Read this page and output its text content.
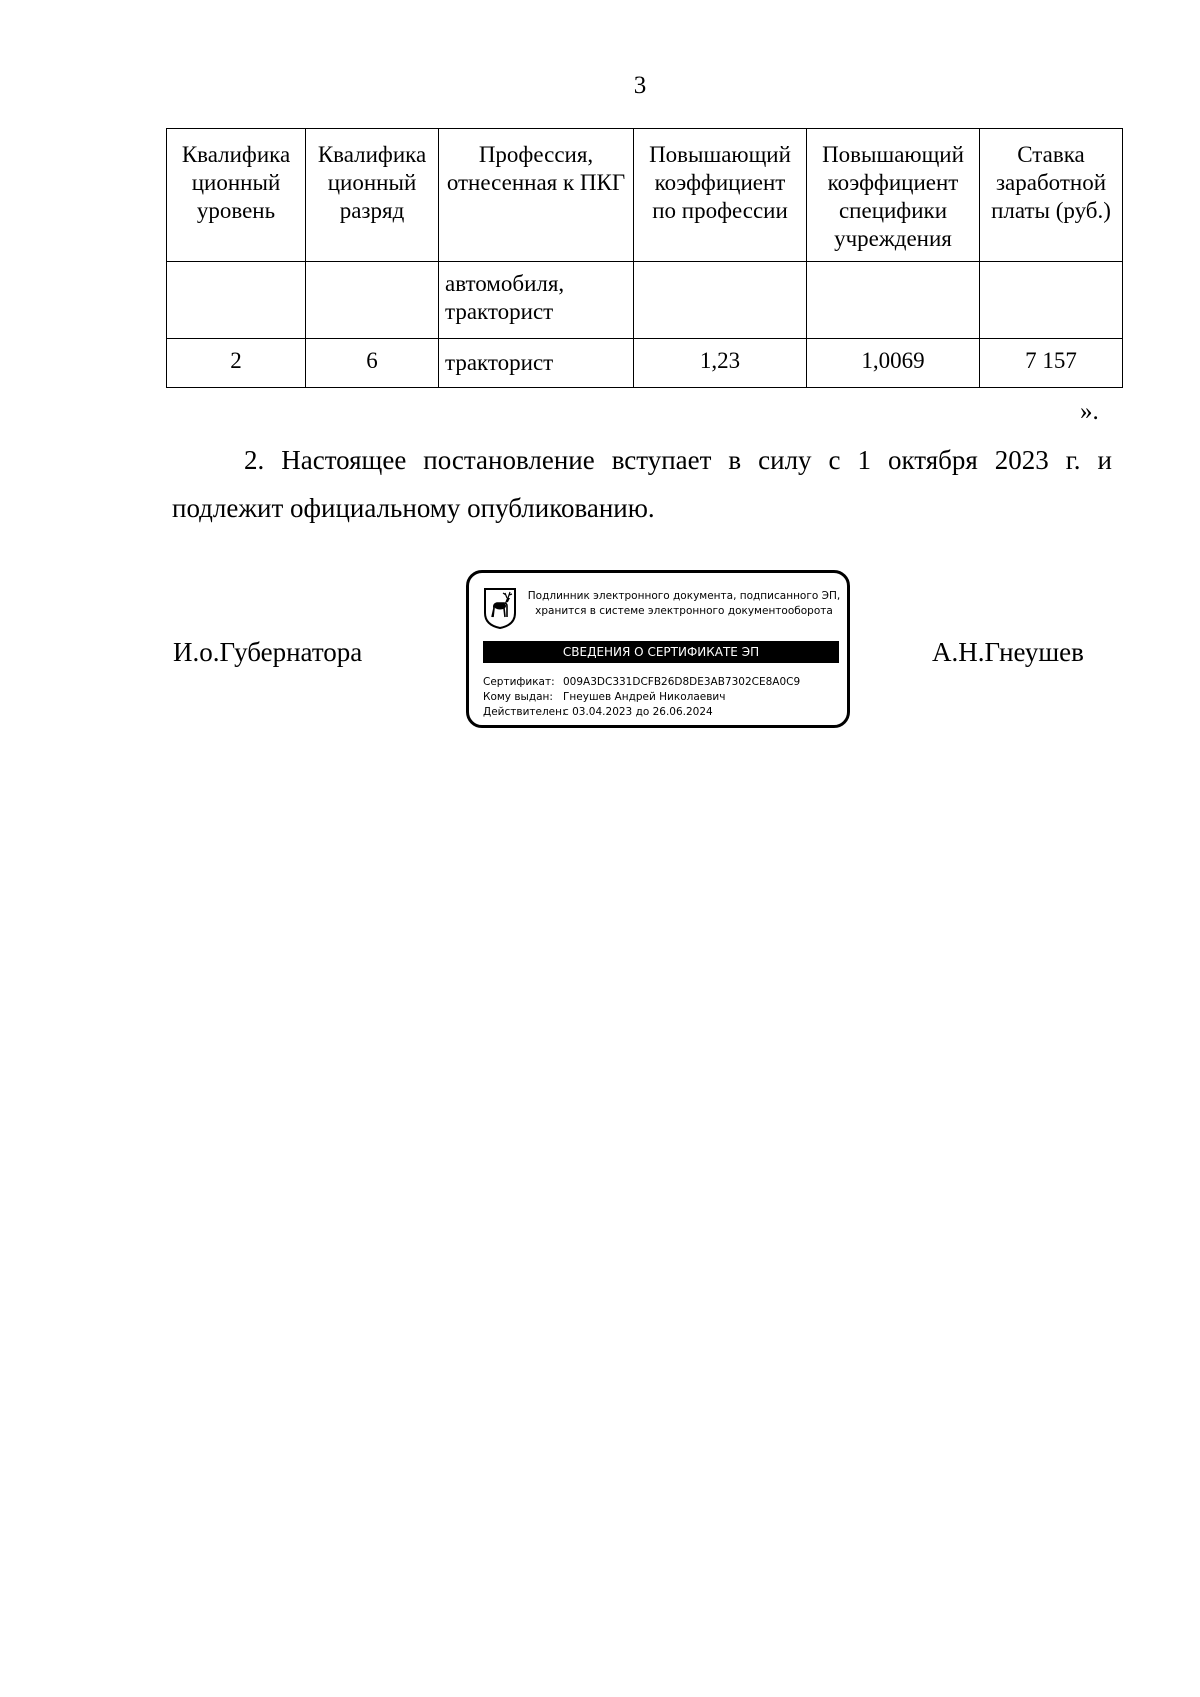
3
Квалифика ционный уровень	Квалифика ционный разряд	Профессия, отнесенная к ПКГ	Повышающий коэффициент по профессии	Повышающий коэффициент специфики учреждения	Ставка заработной платы (руб.)
		автомобиля, тракторист			
2	6	тракторист	1,23	1,0069	7 157
».
2. Настоящее постановление вступает в силу с 1 октября 2023 г. и подлежит официальному опубликованию.
И.о.Губернатора
Подлинник электронного документа, подписанного ЭП,
хранится в системе электронного документооборота
СВЕДЕНИЯ О СЕРТИФИКАТЕ ЭП
Сертификат: 009A3DC331DCFB26D8DE3AB7302CE8A0C9
Кому выдан: Гнеушев Андрей Николаевич
Действителен:с 03.04.2023 до 26.06.2024
А.Н.Гнеушев
